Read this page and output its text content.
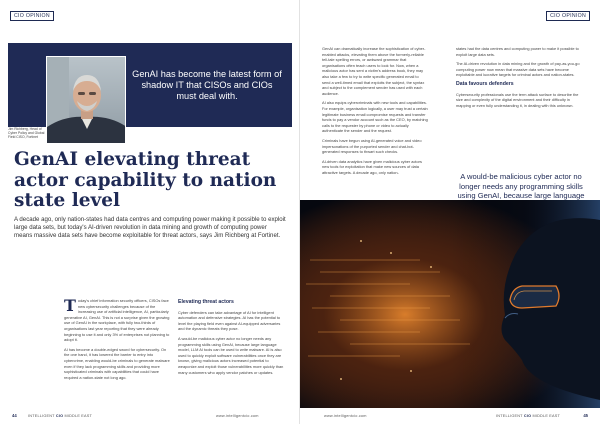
CIO OPINION
GenAI has become the latest form of shadow IT that CISOs and CIOs must deal with.
Jim Richberg, Head of Cyber Policy and Global Field CISO, Fortinet
GenAI elevating threat actor capability to nation state level

A decade ago, only nation-states had data centres and computing power making it possible to exploit large data sets, but today's AI-driven revolution in data mining and growth of computing power means massive data sets have become exploitable for threat actors, says Jim Richberg at Fortinet.

Today's chief information security officers, CISOs face new cybersecurity challenges because of the increasing use of artificial intelligence, AI, particularly generative AI, GenAI. This is not a surprise given the growing use of GenAI in the workplace, with fully two-thirds of organisations last year reporting that they were already beginning to use it and only 3% of enterprises not planning to adopt it.

AI has become a double-edged sword for cybersecurity. On the one hand, it has lowered the barrier to entry into cybercrime, enabling would-be criminals to generate malware even if they lack programming skills and providing more sophisticated criminals with capabilities that could have required a nation-state not long ago.

Elevating threat actors

Cyber defenders can take advantage of AI for intelligent automation and defensive strategies. AI has the potential to level the playing field even against AI-equipped adversaries and the dynamic threats they pose.

A would-be malicious cyber actor no longer needs any programming skills using GenAI, because large language model, LLM AI tools can be used to write malware. AI is also used to quickly exploit software vulnerabilities once they are known, giving malicious actors increased potential to weaponize and exploit those vulnerabilities more quickly than many customers who apply vendor patches or updates.

44	INTELLIGENT CIO MIDDLE EAST	www.intelligentcio.com
CIO OPINION

GenAI can dramatically increase the sophistication of cyber-enabled attacks, elevating them above the formerly-reliable tell-tale spelling errors, or awkward grammar that organisations often teach users to look for. Now, when a malicious actor has sent a victim's address book, they may also take a few to try to write specific generated email to send a well-timed email that exploits the subject, the syntax and subject to the complement sender has used with each audience.

AI also equips cybercriminals with new tools and capabilities. For example, organisation logically, a user may trust a certain legitimate business email compromise requests and transfer funds to pay a vendor account such as the CEO, by matching calls to the requester by phone or video to actually authenticate the sender and the request.

Criminals have begun using AI-generated voice and video impersonations of the purported sender and chat-bot-generated responses to thwart such checks.

AI-driven data analytics have given malicious cyber actors new tools for exploitation that make new sources of data attractive targets. A decade ago, only nation-

states had the data centres and computing power to make it possible to exploit large data sets.

The AI-driven revolution in data mining and the growth of pay-as-you-go computing power now mean that massive data sets have become exploitable and lucrative targets for criminal actors and nation-states.

Data favours defenders

Cybersecurity professionals use the term attack surface to describe the size and complexity of the digital environment and their difficulty in mapping or even fully understanding it, in dealing with this unknown.

A would-be malicious cyber actor no longer needs any programming skills using GenAI, because large language
www.intelligentcio.com	INTELLIGENT CIO MIDDLE EAST	45
